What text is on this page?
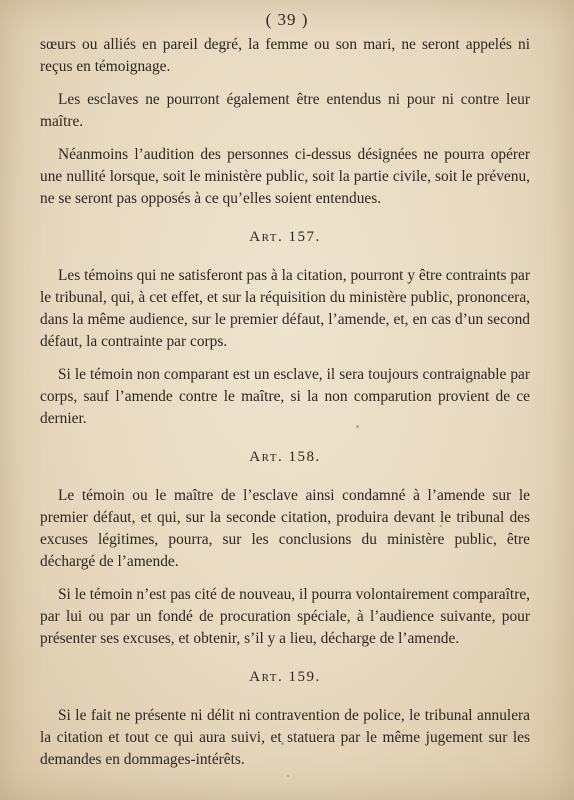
( 39 )

sœurs ou alliés en pareil degré, la femme ou son mari, ne seront appelés ni reçus en témoignage.

Les esclaves ne pourront également être entendus ni pour ni contre leur maître.

Néanmoins l’audition des personnes ci-dessus désignées ne pourra opérer une nullité lorsque, soit le ministère public, soit la partie civile, soit le prévenu, ne se seront pas opposés à ce qu’elles soient entendues.

Art. 157.

Les témoins qui ne satisferont pas à la citation, pourront y être contraints par le tribunal, qui, à cet effet, et sur la réquisition du ministère public, prononcera, dans la même audience, sur le premier défaut, l’amende, et, en cas d’un second défaut, la contrainte par corps.

Si le témoin non comparant est un esclave, il sera toujours contraignable par corps, sauf l’amende contre le maître, si la non comparution provient de ce dernier.

Art. 158.

Le témoin ou le maître de l’esclave ainsi condamné à l’amende sur le premier défaut, et qui, sur la seconde citation, produira devant le tribunal des excuses légitimes, pourra, sur les conclusions du ministère public, être déchargé de l’amende.

Si le témoin n’est pas cité de nouveau, il pourra volontairement comparaître, par lui ou par un fondé de procuration spéciale, à l’audience suivante, pour présenter ses excuses, et obtenir, s’il y a lieu, décharge de l’amende.

Art. 159.

Si le fait ne présente ni délit ni contravention de police, le tribunal annulera la citation et tout ce qui aura suivi, et statuera par le même jugement sur les demandes en dommages-intérêts.
